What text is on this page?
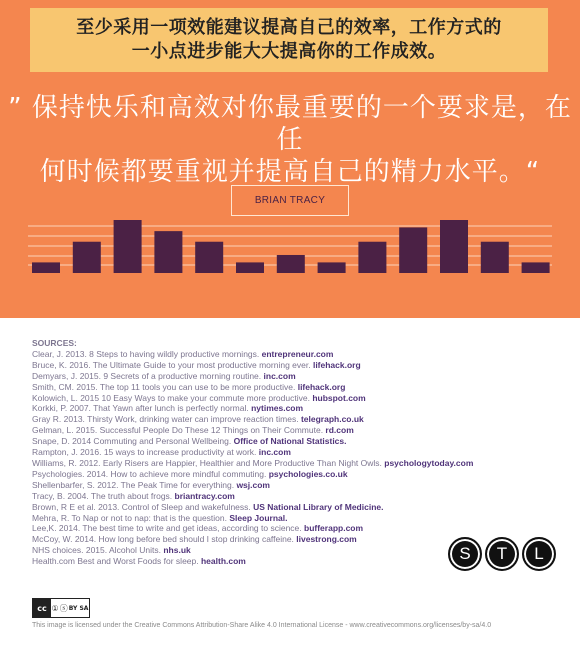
至少采用一项效能建议提高自己的效率，工作方式的
一小点进步能大大提高你的工作成效。
” 保持快乐和高效对你最重要的一个要求是，在任
何时候都要重视并提高自己的精力水平。“
BRIAN TRACY
SOURCES:
Clear, J. 2013. 8 Steps to having wildly productive mornings. entrepreneur.com
Bruce, K. 2016. The Ultimate Guide to your most productive morning ever. lifehack.org
Demyars, J. 2015. 9 Secrets of a productive morning routine. inc.com
Smith, CM. 2015. The top 11 tools you can use to be more productive. lifehack.org
Kolowich, L. 2015 10 Easy Ways to make your commute more productive. hubspot.com
Korkki, P. 2007. That Yawn after lunch is perfectly normal. nytimes.com
Gray R. 2013. Thirsty Work, drinking water can improve reaction times. telegraph.co.uk
Gelman, L. 2015. Successful People Do These 12 Things on Their Commute. rd.com
Snape, D. 2014 Commuting and Personal Wellbeing. Office of National Statistics.
Rampton, J. 2016. 15 ways to increase productivity at work. inc.com
Williams, R. 2012. Early Risers are Happier, Healthier and More Productive Than Night Owls. psychologytoday.com
Psychologies. 2014. How to achieve more mindful commuting. psychologies.co.uk
Shellenbarfer, S. 2012. The Peak Time for everything. wsj.com
Tracy, B. 2004. The truth about frogs. briantracy.com
Brown, R E et al. 2013. Control of Sleep and wakefulness. US National Library of Medicine.
Mehra, R. To Nap or not to nap: that is the question. Sleep Journal.
Lee,K. 2014. The best time to write and get ideas, according to science. bufferapp.com
McCoy, W. 2014. How long before bed should I stop drinking caffeine. livestrong.com
NHS choices. 2015. Alcohol Units. nhs.uk
Health.com Best and Worst Foods for sleep. health.com	S	T	L
cc ① ⓢ BY SA
This image is licensed under the Creative Commons Attribution-Share Alike 4.0 International License - www.creativecommons.org/licenses/by-sa/4.0
